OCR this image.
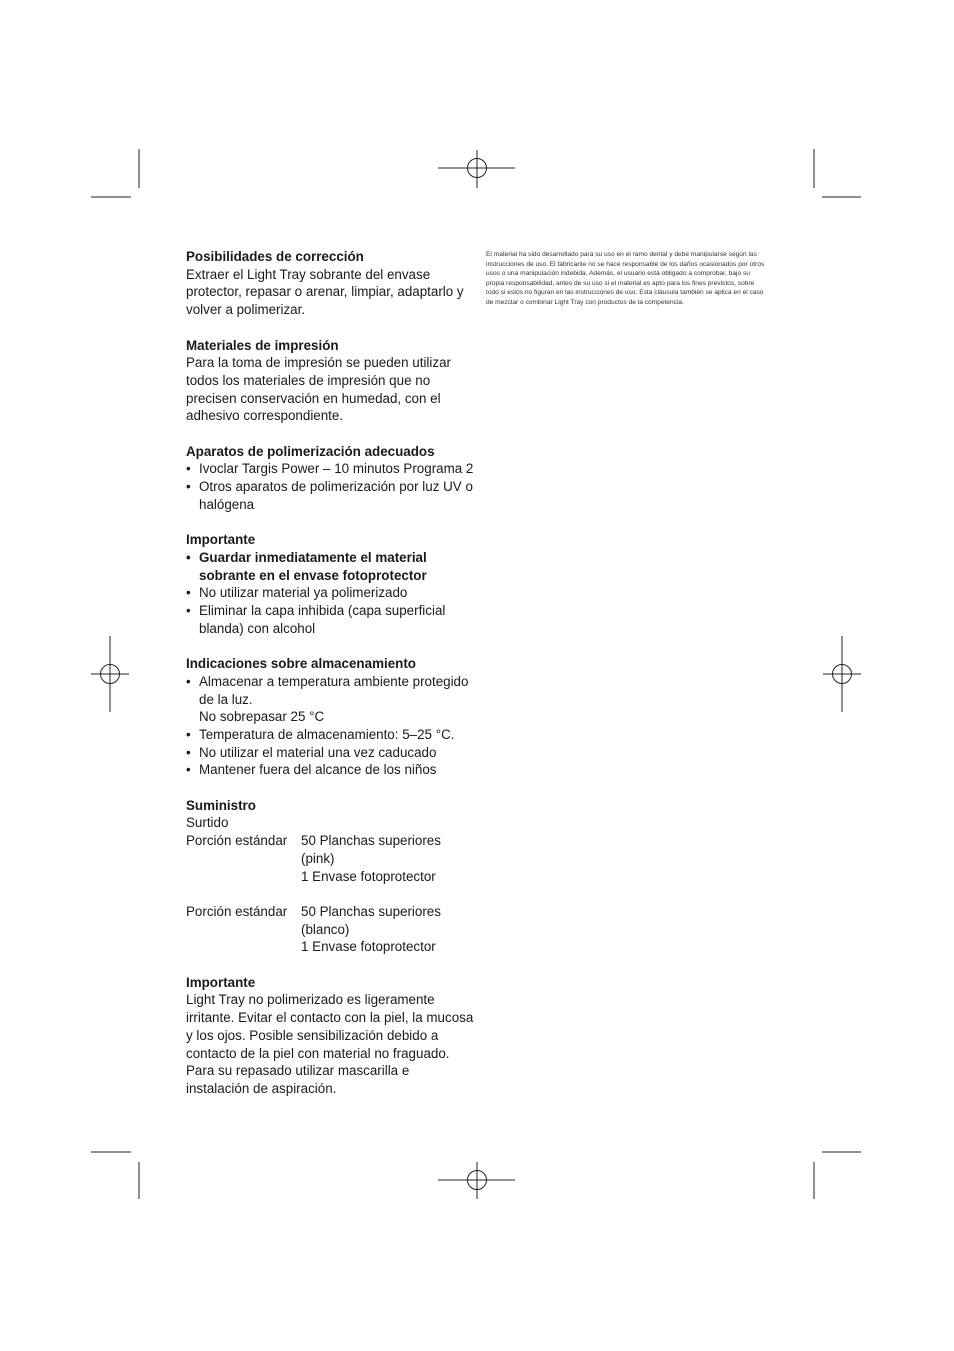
Posibilidades de corrección

Extraer el Light Tray sobrante del envase protector, repasar o arenar, limpiar, adaptarlo y volver a polimerizar.

Materiales de impresión

Para la toma de impresión se pueden utilizar todos los materiales de impresión que no precisen conservación en humedad, con el adhesivo correspondiente.

Aparatos de polimerización adecuados

• Ivoclar Targis Power – 10 minutos Programa 2
• Otros aparatos de polimerización por luz UV o halógena

Importante

• Guardar inmediatamente el material sobrante en el envase fotoprotector
• No utilizar material ya polimerizado
• Eliminar la capa inhibida (capa superficial blanda) con alcohol

Indicaciones sobre almacenamiento

• Almacenar a temperatura ambiente protegido de la luz.
No sobrepasar 25 °C
• Temperatura de almacenamiento: 5–25 °C.
• No utilizar el material una vez caducado
• Mantener fuera del alcance de los niños

Suministro

Surtido

Porción estándar	50 Planchas superiores (pink)
1 Envase fotoprotector
Porción estándar	50 Planchas superiores (blanco)
1 Envase fotoprotector

Importante

Light Tray no polimerizado es ligeramente irritante. Evitar el contacto con la piel, la mucosa y los ojos. Posible sensibilización debido a contacto de la piel con material no fraguado. Para su repasado utilizar mascarilla e instalación de aspiración.

El material ha sido desarrollado para su uso en el ramo dental y debe manipularse según las instrucciones de uso. El fabricante no se hace responsable de los daños ocasionados por otros usos o una manipulación indebida. Además, el usuario está obligado a comprobar, bajo su propia responsabilidad, antes de su uso si el material es apto para los fines previstos, sobre todo si estos no figuran en las instrucciones de uso. Esta cláusula también se aplica en el caso de mezclar o combinar Light Tray con productos de la competencia.
